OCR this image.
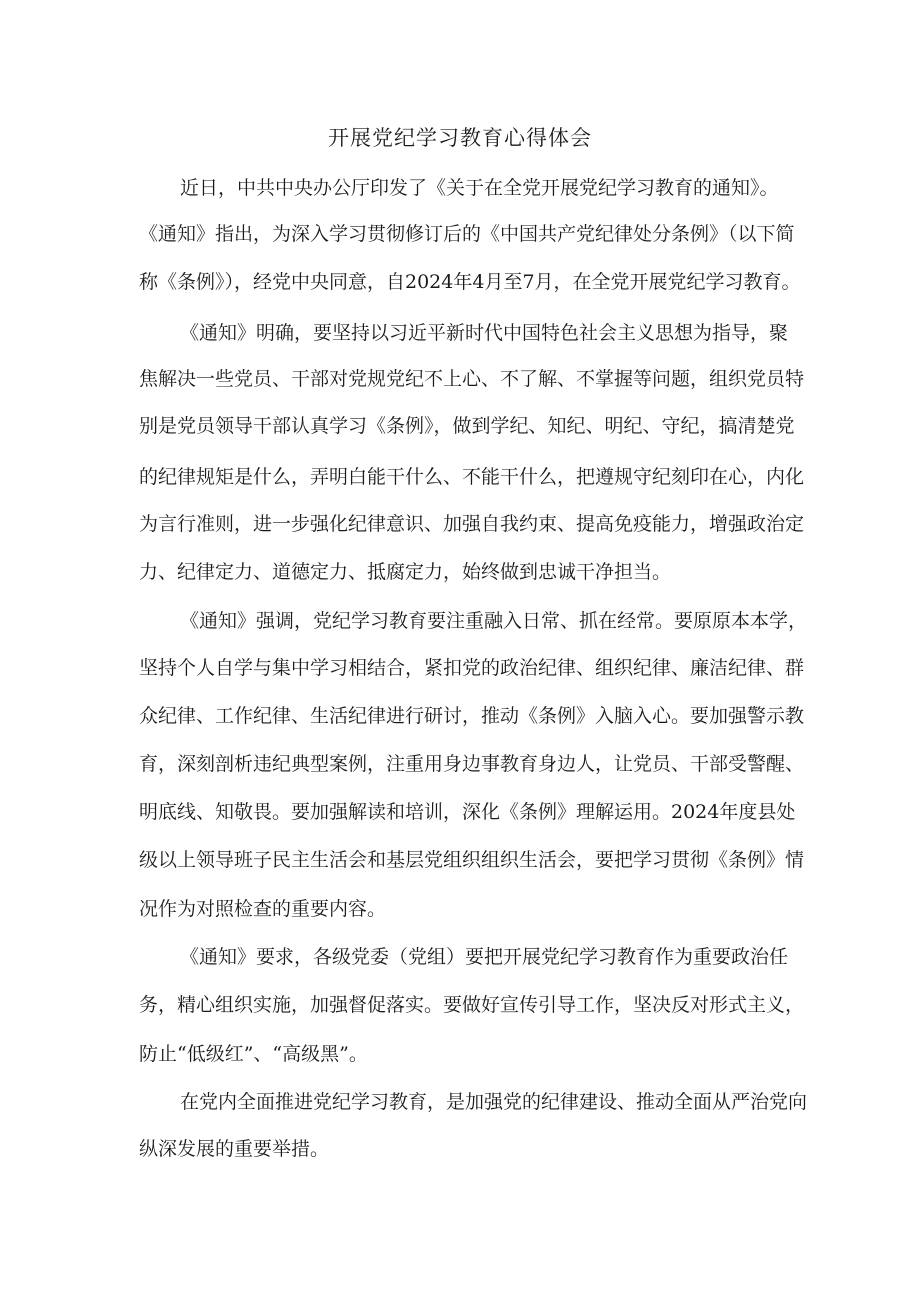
开展党纪学习教育心得体会

近日，中共中央办公厅印发了《关于在全党开展党纪学习教育的通知》。

《通知》指出，为深入学习贯彻修订后的《中国共产党纪律处分条例》（以下简

称《条例》），经党中央同意，自2024年4月至7月，在全党开展党纪学习教育。

《通知》明确，要坚持以习近平新时代中国特色社会主义思想为指导，聚

焦解决一些党员、干部对党规党纪不上心、不了解、不掌握等问题，组织党员特

别是党员领导干部认真学习《条例》，做到学纪、知纪、明纪、守纪，搞清楚党

的纪律规矩是什么，弄明白能干什么、不能干什么，把遵规守纪刻印在心，内化

为言行准则，进一步强化纪律意识、加强自我约束、提高免疫能力，增强政治定

力、纪律定力、道德定力、抵腐定力，始终做到忠诚干净担当。

《通知》强调，党纪学习教育要注重融入日常、抓在经常。要原原本本学，

坚持个人自学与集中学习相结合，紧扣党的政治纪律、组织纪律、廉洁纪律、群

众纪律、工作纪律、生活纪律进行研讨，推动《条例》入脑入心。要加强警示教

育，深刻剖析违纪典型案例，注重用身边事教育身边人，让党员、干部受警醒、

明底线、知敬畏。要加强解读和培训，深化《条例》理解运用。2024年度县处

级以上领导班子民主生活会和基层党组织组织生活会，要把学习贯彻《条例》情

况作为对照检查的重要内容。

《通知》要求，各级党委（党组）要把开展党纪学习教育作为重要政治任

务，精心组织实施，加强督促落实。要做好宣传引导工作，坚决反对形式主义，

防止“低级红”、“高级黑”。

在党内全面推进党纪学习教育，是加强党的纪律建设、推动全面从严治党向

纵深发展的重要举措。
